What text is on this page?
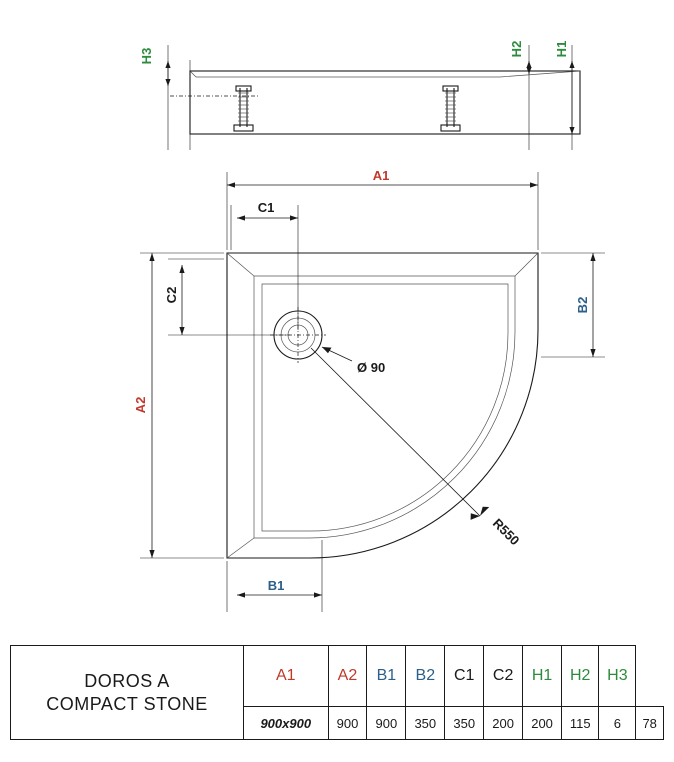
H3	H2 H1
A1
C1
A2
C2
B2
B1
Ø 90
R550
DOROS A
COMPACT STONE	A1	A2	B1	B2	C1	C2	H1	H2	H3	
	900x900	900	900	350	350	200	200	115	6	78
